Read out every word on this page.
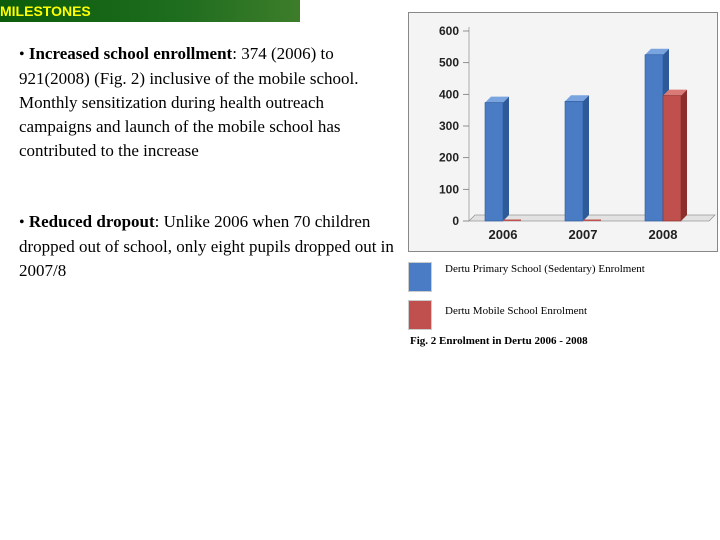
MILESTONES
• Increased school enrollment: 374 (2006) to 921(2008) (Fig. 2) inclusive of the mobile school. Monthly sensitization during health outreach campaigns and launch of the mobile school has contributed to the increase
• Reduced dropout: Unlike 2006 when 70 children dropped out of school, only eight pupils dropped out in 2007/8
0
100
200
300
400
500
600
2006	2007	2008
Dertu Primary School (Sedentary) Enrolment
Dertu Mobile School Enrolment
Fig. 2 Enrolment in Dertu 2006 - 2008
